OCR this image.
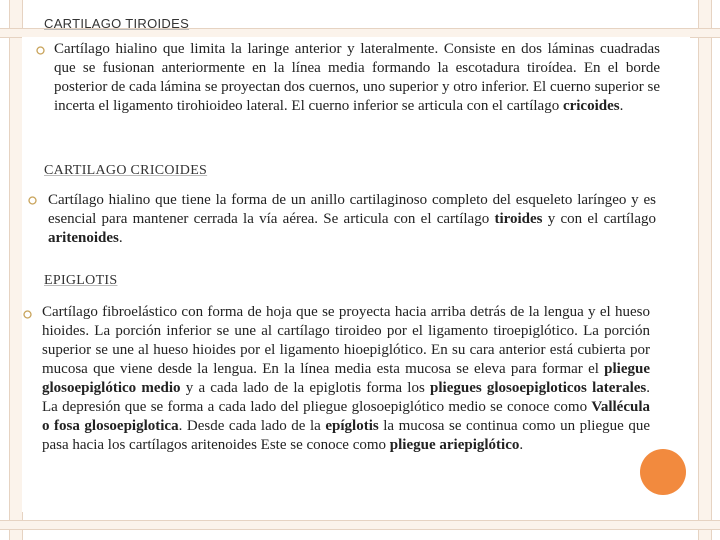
CARTILAGO TIROIDES
Cartílago hialino que limita la laringe anterior y lateralmente. Consiste en dos láminas cuadradas que se fusionan anteriormente en la línea media formando la escotadura tiroídea. En el borde posterior de cada lámina se proyectan dos cuernos, uno superior y otro inferior. El cuerno superior se incerta el ligamento tirohioideo lateral. El cuerno inferior se articula con el cartílago cricoides.
CARTILAGO CRICOIDES
Cartílago hialino que tiene la forma de un anillo cartilaginoso completo del esqueleto laríngeo y es esencial para mantener cerrada la vía aérea. Se articula con el cartílago tiroides y con el cartílago aritenoides.
EPIGLOTIS
Cartílago fibroelástico con forma de hoja que se proyecta hacia arriba detrás de la lengua y el hueso hioides. La porción inferior se une al cartílago tiroideo por el ligamento tiroepiglótico. La porción superior se une al hueso hioides por el ligamento hioepiglótico. En su cara anterior está cubierta por mucosa que viene desde la lengua. En la línea media esta mucosa se eleva para formar el pliegue glosoepiglótico medio y a cada lado de la epiglotis forma los pliegues glosoepigloticos laterales. La depresión que se forma a cada lado del pliegue glosoepiglótico medio se conoce como Vallécula o fosa glosoepiglotica. Desde cada lado de la epíglotis la mucosa se continua como un pliegue que pasa hacia los cartílagos aritenoides Este se conoce como pliegue ariepiglótico.
